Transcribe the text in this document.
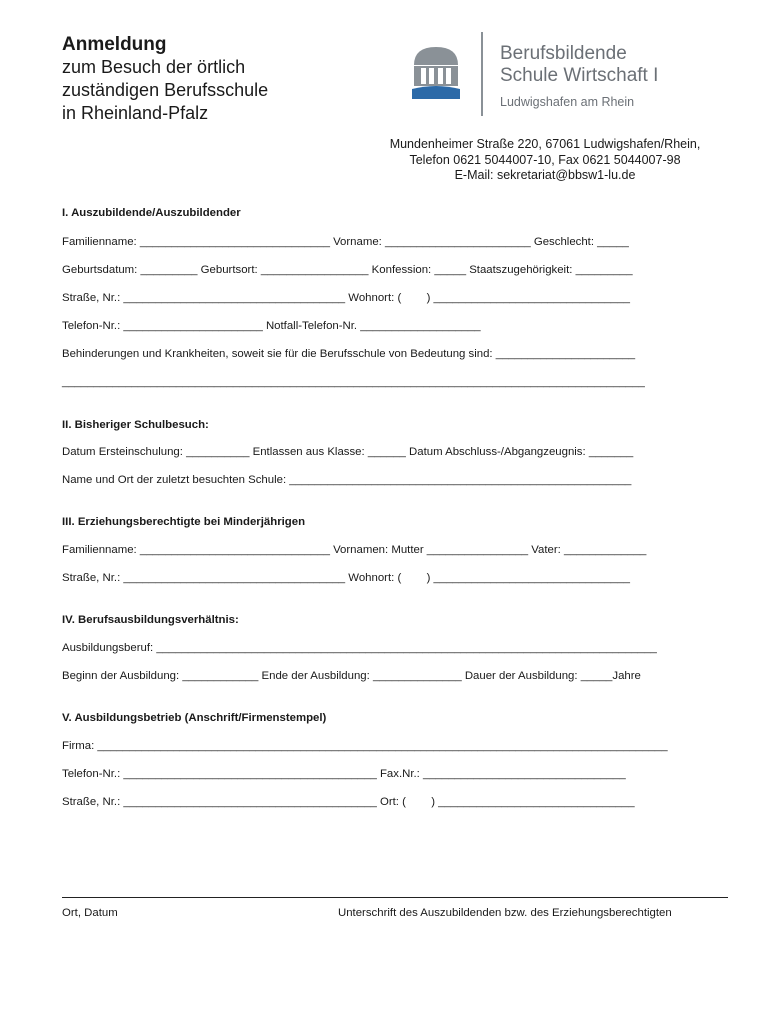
Anmeldung
zum Besuch der örtlich
zuständigen Berufsschule
in Rheinland-Pfalz
Berufsbildende
Schule Wirtschaft I
Ludwigshafen am Rhein
Mundenheimer Straße 220, 67061 Ludwigshafen/Rhein,
Telefon 0621 5044007-10, Fax 0621 5044007-98
E-Mail: sekretariat@bbsw1-lu.de
I. Auszubildende/Auszubildender
Familienname: ______________________________ Vorname: _______________________ Geschlecht: _____
Geburtsdatum: _________ Geburtsort: _________________ Konfession: _____ Staatszugehörigkeit: _________
Straße, Nr.: ___________________________________ Wohnort: (        ) _______________________________
Telefon-Nr.: ______________________ Notfall-Telefon-Nr. ___________________
Behinderungen und Krankheiten, soweit sie für die Berufsschule von Bedeutung sind: ______________________
____________________________________________________________________________________________
II. Bisheriger Schulbesuch:
Datum Ersteinschulung: __________ Entlassen aus Klasse: ______ Datum Abschluss-/Abgangzeugnis: _______
Name und Ort der zuletzt besuchten Schule: ______________________________________________________
III. Erziehungsberechtigte bei Minderjährigen
Familienname: ______________________________ Vornamen: Mutter ________________ Vater: _____________
Straße, Nr.: ___________________________________ Wohnort: (        ) _______________________________
IV. Berufsausbildungsverhältnis:
Ausbildungsberuf: _______________________________________________________________________________
Beginn der Ausbildung: ____________ Ende der Ausbildung: ______________ Dauer der Ausbildung: _____Jahre
V. Ausbildungsbetrieb (Anschrift/Firmenstempel)
Firma: __________________________________________________________________________________________
Telefon-Nr.: ________________________________________ Fax.Nr.: ________________________________
Straße, Nr.: ________________________________________ Ort: (        ) _______________________________
Ort, Datum	Unterschrift des Auszubildenden bzw. des Erziehungsberechtigten
